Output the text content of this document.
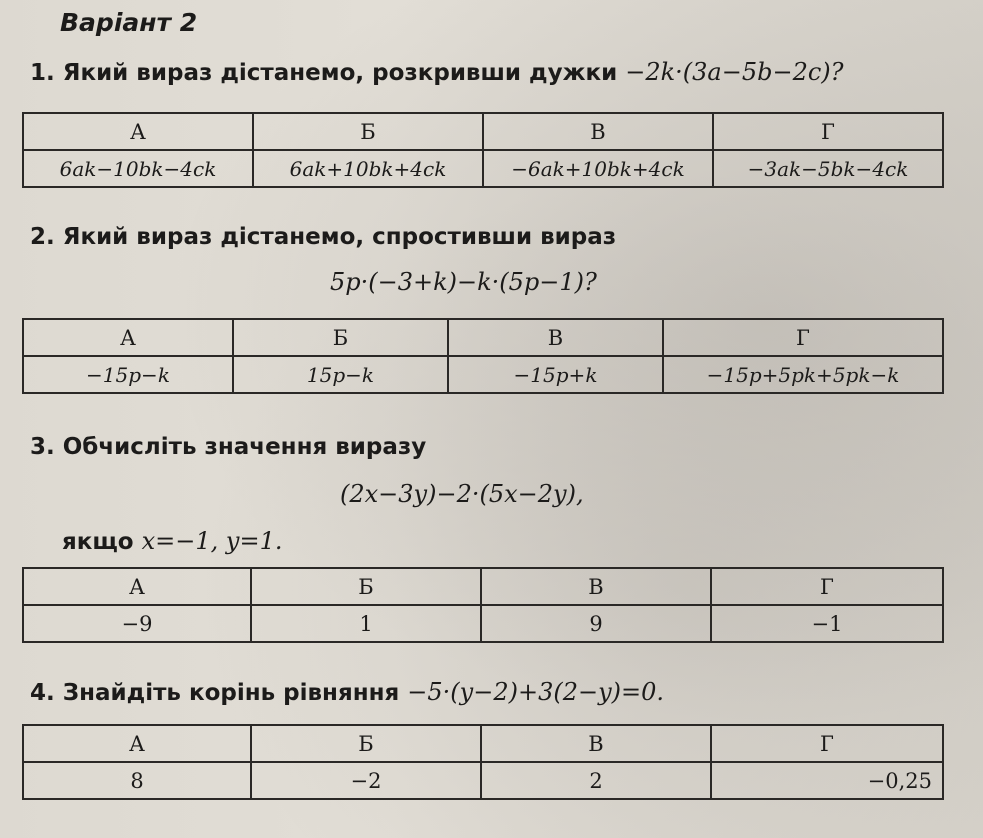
Варіант 2
1. Який вираз дістанемо, розкривши дужки −2k·(3a−5b−2c)?
А	Б	В	Г
6ak−10bk−4ck	6ak+10bk+4ck	−6ak+10bk+4ck	−3ak−5bk−4ck
2. Який вираз дістанемо, спростивши вираз
5p·(−3+k)−k·(5p−1)?
А	Б	В	Г
−15p−k	15p−k	−15p+k	−15p+5pk+5pk−k
3. Обчисліть значення виразу
(2x−3y)−2·(5x−2y),
якщо x=−1, y=1.
А	Б	В	Г
−9	1	9	−1
4. Знайдіть корінь рівняння −5·(y−2)+3(2−y)=0.
А	Б	В	Г
8	−2	2	−0,25
